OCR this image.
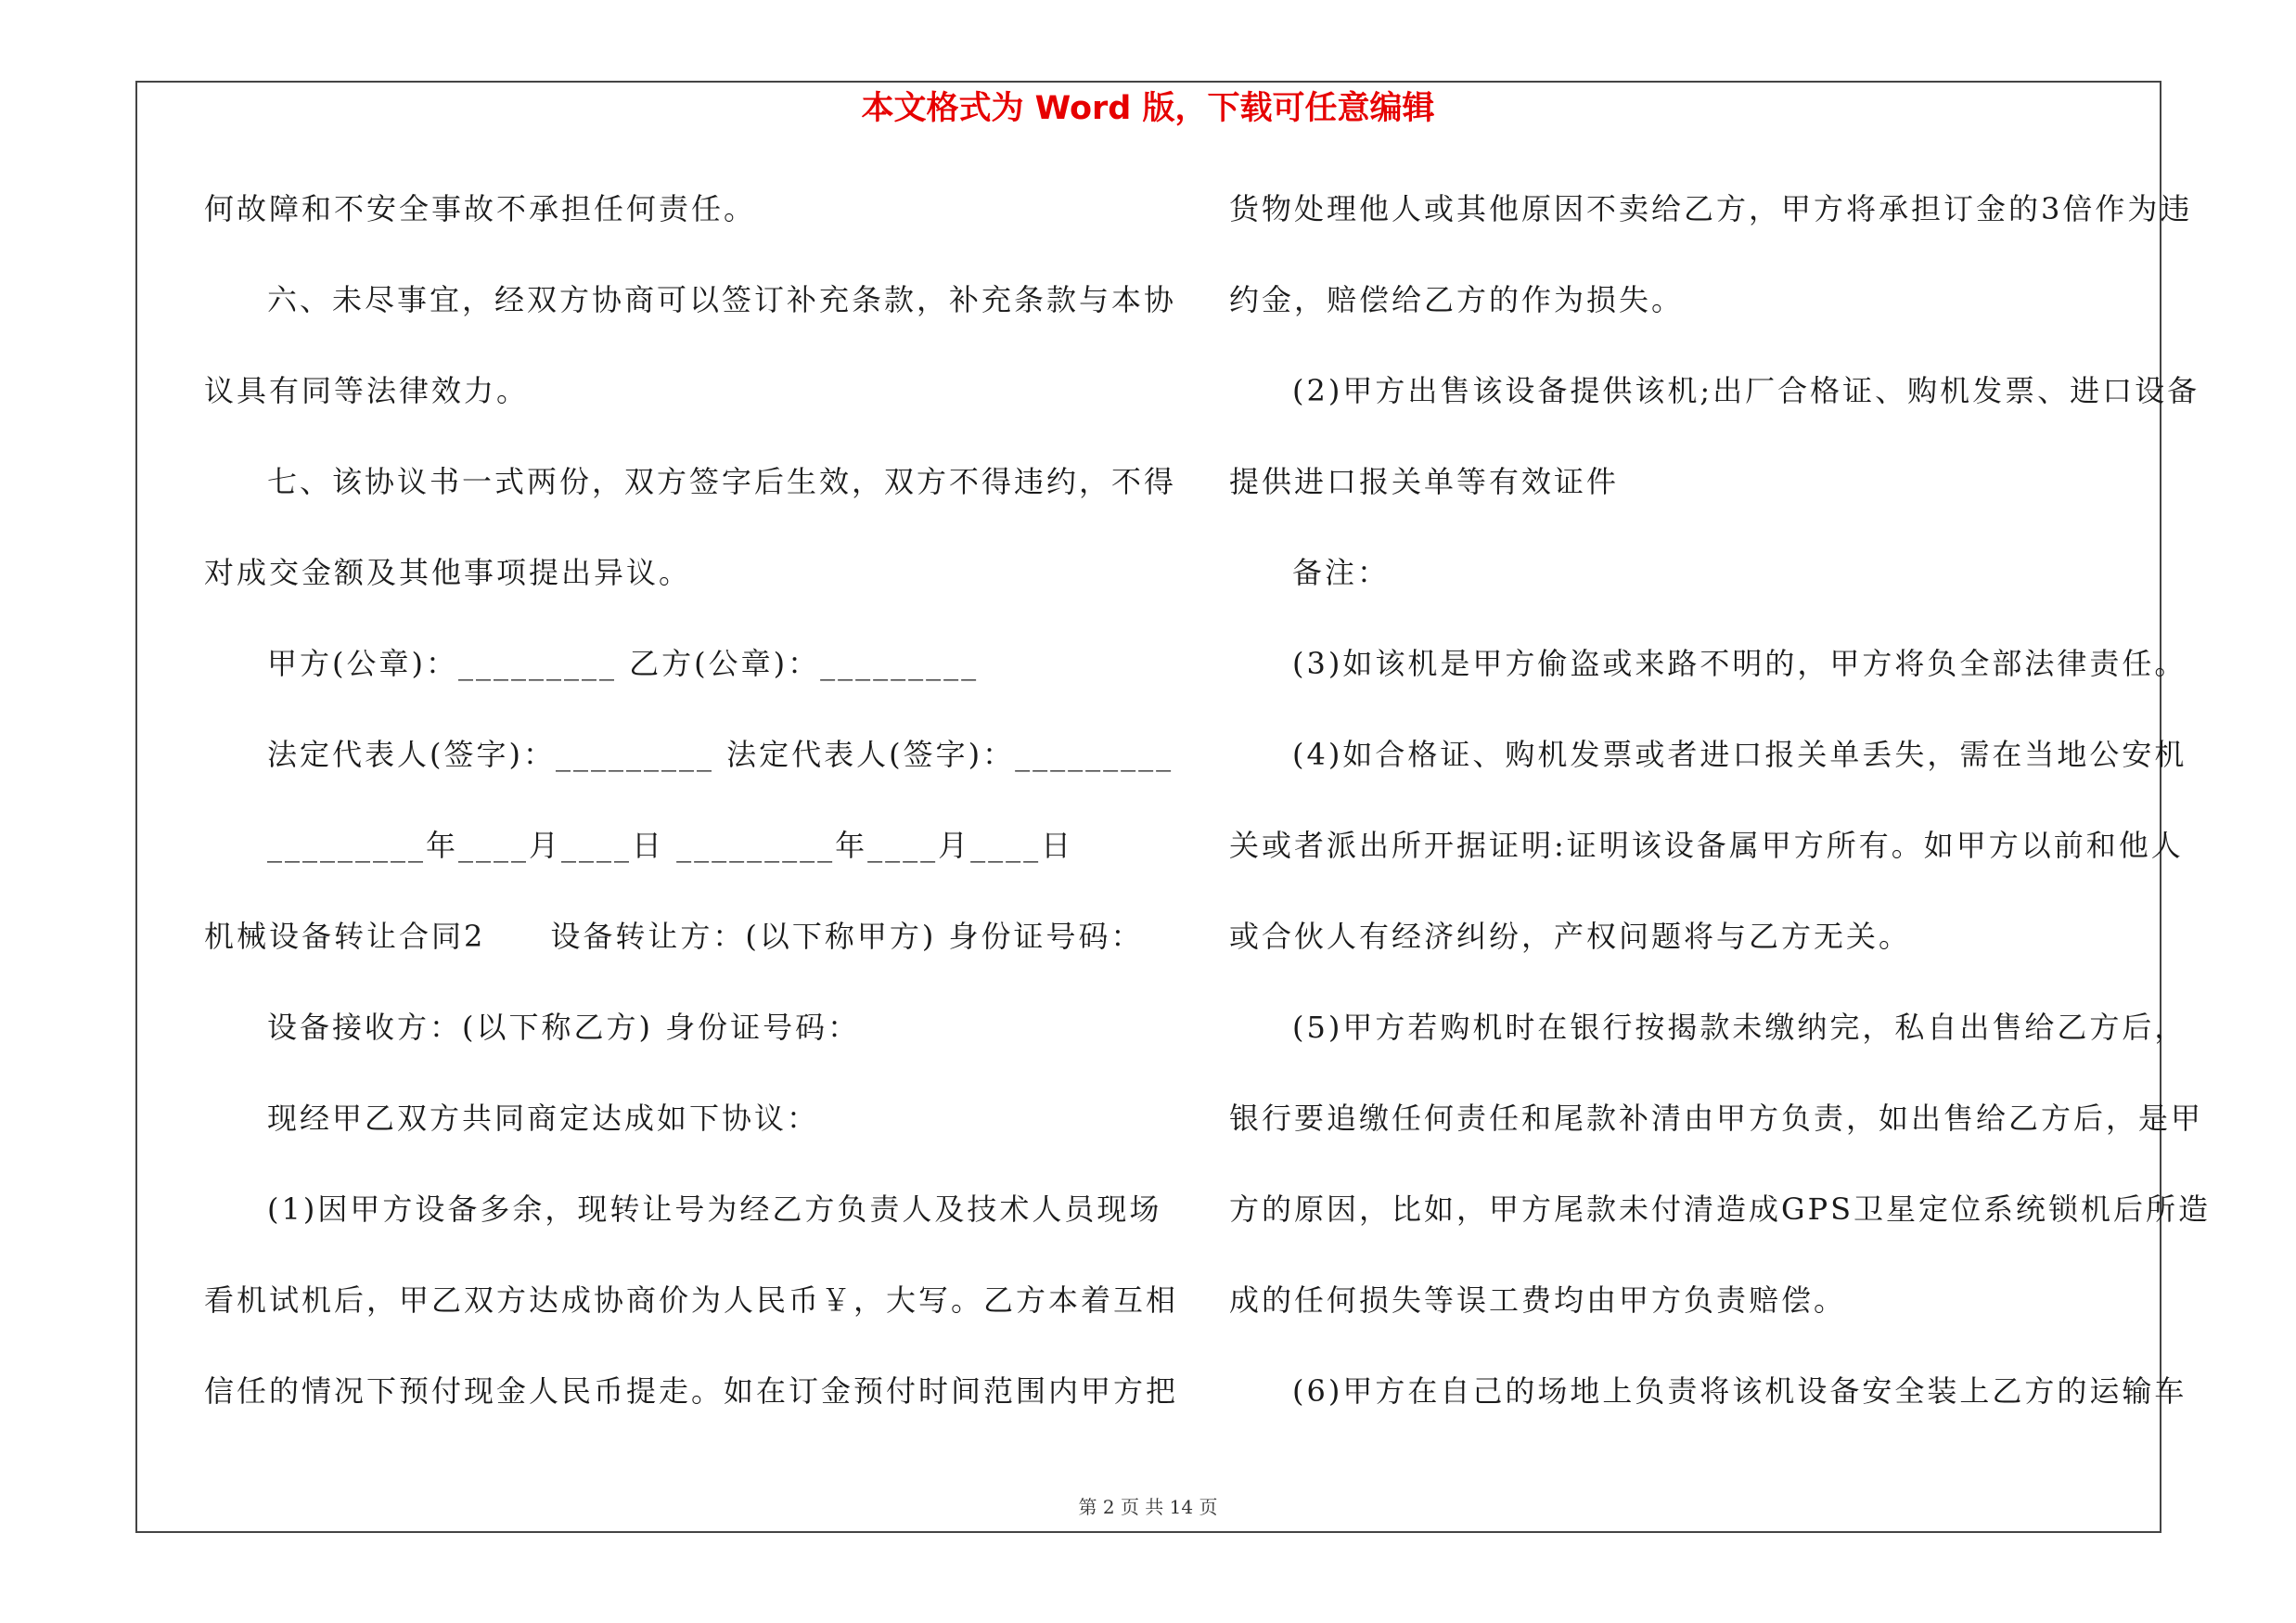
本文格式为 Word 版，下载可任意编辑
何故障和不安全事故不承担任何责任。
六、未尽事宜，经双方协商可以签订补充条款，补充条款与本协
议具有同等法律效力。
七、该协议书一式两份，双方签字后生效，双方不得违约，不得
对成交金额及其他事项提出异议。
甲方(公章)：_________ 乙方(公章)：_________
法定代表人(签字)：_________ 法定代表人(签字)：_________
_________年____月____日 _________年____月____日
机械设备转让合同2　　设备转让方：(以下称甲方) 身份证号码：
设备接收方：(以下称乙方) 身份证号码：
现经甲乙双方共同商定达成如下协议：
(1)因甲方设备多余，现转让号为经乙方负责人及技术人员现场
看机试机后，甲乙双方达成协商价为人民币￥，大写。乙方本着互相
信任的情况下预付现金人民币提走。如在订金预付时间范围内甲方把
货物处理他人或其他原因不卖给乙方，甲方将承担订金的3倍作为违
约金，赔偿给乙方的作为损失。
(2)甲方出售该设备提供该机;出厂合格证、购机发票、进口设备
提供进口报关单等有效证件
备注：
(3)如该机是甲方偷盗或来路不明的，甲方将负全部法律责任。
(4)如合格证、购机发票或者进口报关单丢失，需在当地公安机
关或者派出所开据证明:证明该设备属甲方所有。如甲方以前和他人
或合伙人有经济纠纷，产权问题将与乙方无关。
(5)甲方若购机时在银行按揭款未缴纳完，私自出售给乙方后，
银行要追缴任何责任和尾款补清由甲方负责，如出售给乙方后，是甲
方的原因，比如，甲方尾款未付清造成GPS卫星定位系统锁机后所造
成的任何损失等误工费均由甲方负责赔偿。
(6)甲方在自己的场地上负责将该机设备安全装上乙方的运输车
第 2 页 共 14 页
